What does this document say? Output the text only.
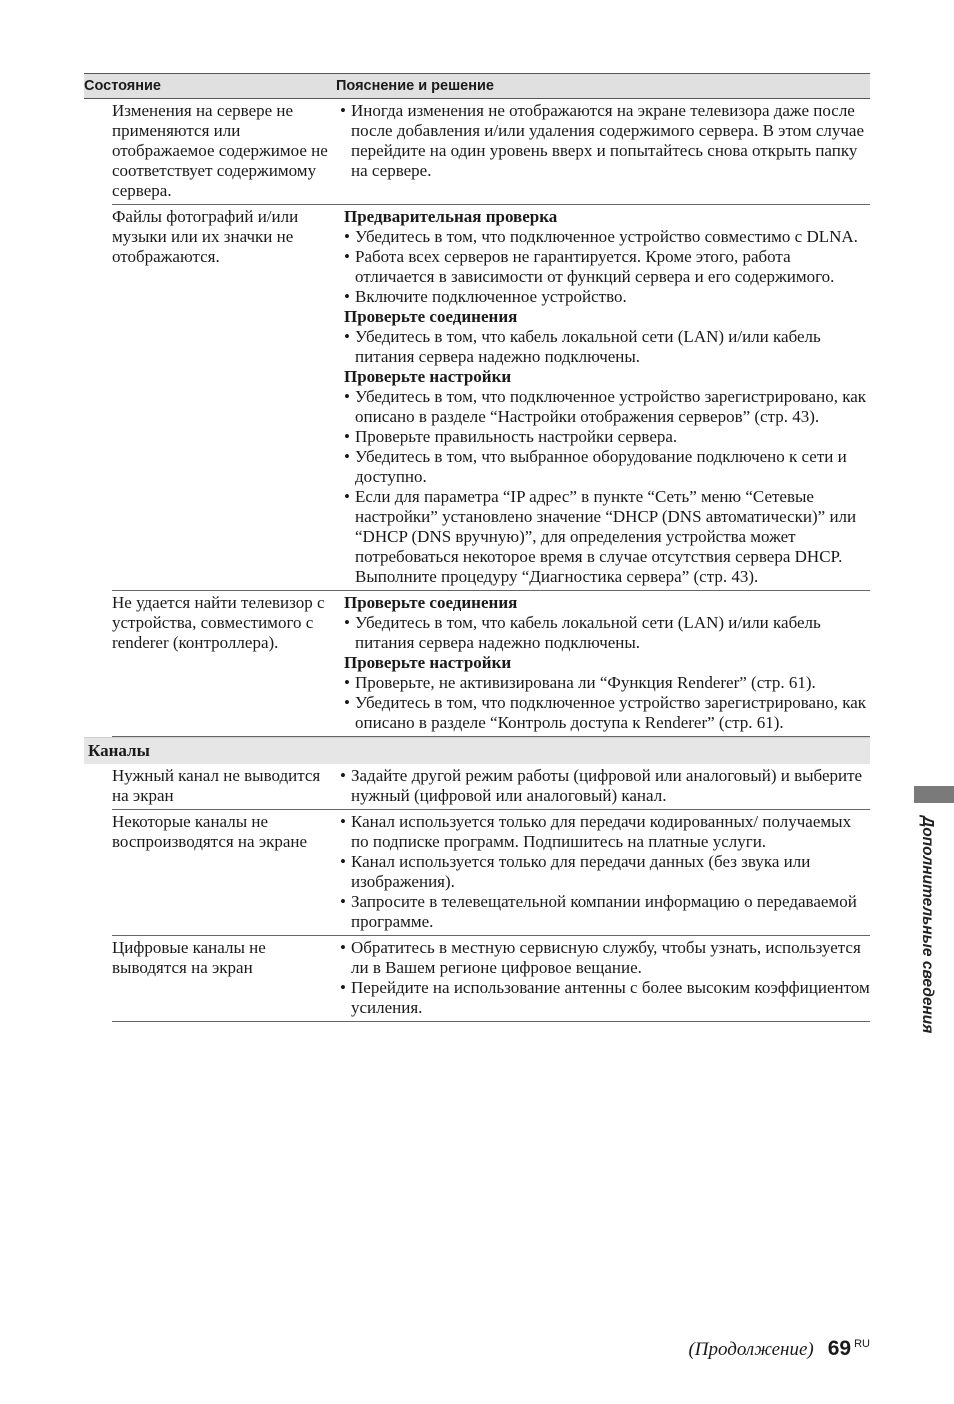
Состояние	Пояснение и решение
Изменения на сервере не применяются или отображаемое содержимое не соответствует содержимому сервера.
• Иногда изменения не отображаются на экране телевизора даже после после добавления и/или удаления содержимого сервера. В этом случае перейдите на один уровень вверх и попытайтесь снова открыть папку на сервере.
Файлы фотографий и/или музыки или их значки не отображаются.
Предварительная проверка
• Убедитесь в том, что подключенное устройство совместимо с DLNA.
• Работа всех серверов не гарантируется. Кроме этого, работа отличается в зависимости от функций сервера и его содержимого.
• Включите подключенное устройство.
Проверьте соединения
• Убедитесь в том, что кабель локальной сети (LAN) и/или кабель питания сервера надежно подключены.
Проверьте настройки
• Убедитесь в том, что подключенное устройство зарегистрировано, как описано в разделе “Настройки отображения серверов” (стр. 43).
• Проверьте правильность настройки сервера.
• Убедитесь в том, что выбранное оборудование подключено к сети и доступно.
• Если для параметра “IP адрес” в пункте “Сеть” меню “Сетевые настройки” установлено значение “DHCP (DNS автоматически)” или “DHCP (DNS вручную)”, для определения устройства может потребоваться некоторое время в случае отсутствия сервера DHCP. Выполните процедуру “Диагностика сервера” (стр. 43).
Не удается найти телевизор с устройства, совместимого с renderer (контроллера).
Проверьте соединения
• Убедитесь в том, что кабель локальной сети (LAN) и/или кабель питания сервера надежно подключены.
Проверьте настройки
• Проверьте, не активизирована ли “Функция Renderer” (стр. 61).
• Убедитесь в том, что подключенное устройство зарегистрировано, как описано в разделе “Контроль доступа к Renderer” (стр. 61).
Каналы
Нужный канал не выводится на экран
• Задайте другой режим работы (цифровой или аналоговый) и выберите нужный (цифровой или аналоговый) канал.
Некоторые каналы не воспроизводятся на экране
• Канал используется только для передачи кодированных/ получаемых по подписке программ. Подпишитесь на платные услуги.
• Канал используется только для передачи данных (без звука или изображения).
• Запросите в телевещательной компании информацию о передаваемой программе.
Цифровые каналы не выводятся на экран
• Обратитесь в местную сервисную службу, чтобы узнать, используется ли в Вашем регионе цифровое вещание.
• Перейдите на использование антенны с более высоким коэффициентом усиления.	Дополнительные сведения
(Продолжение) 69 RU
